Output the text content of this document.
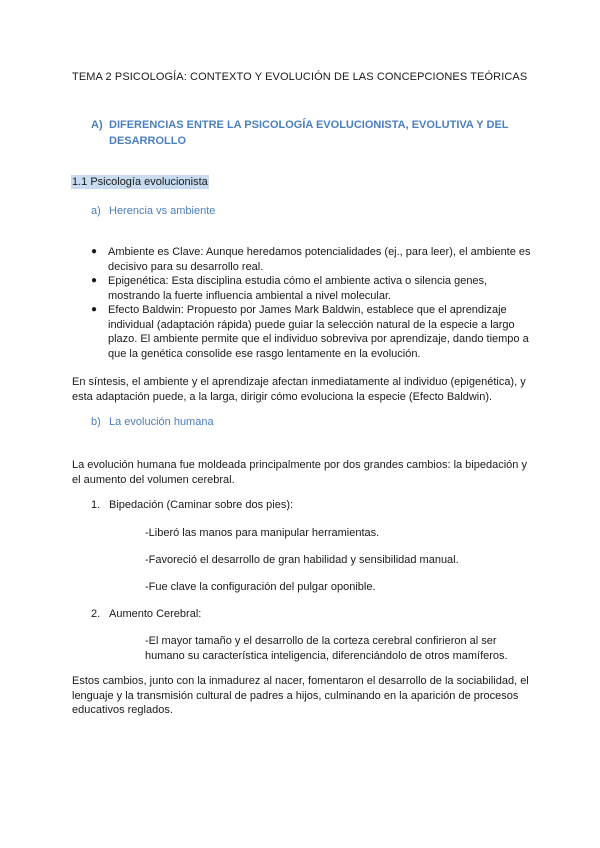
TEMA 2 PSICOLOGÍA: CONTEXTO Y EVOLUCIÓN DE LAS CONCEPCIONES TEÓRICAS

A) DIFERENCIAS ENTRE LA PSICOLOGÍA EVOLUCIONISTA, EVOLUTIVA Y DEL DESARROLLO

1.1 Psicología evolucionista

a) Herencia vs ambiente
● Ambiente es Clave: Aunque heredamos potencialidades (ej., para leer), el ambiente es decisivo para su desarrollo real.
● Epigenética: Esta disciplina estudia cómo el ambiente activa o silencia genes, mostrando la fuerte influencia ambiental a nivel molecular.
● Efecto Baldwin: Propuesto por James Mark Baldwin, establece que el aprendizaje individual (adaptación rápida) puede guiar la selección natural de la especie a largo plazo. El ambiente permite que el individuo sobreviva por aprendizaje, dando tiempo a que la genética consolide ese rasgo lentamente en la evolución.

En síntesis, el ambiente y el aprendizaje afectan inmediatamente al individuo (epigenética), y esta adaptación puede, a la larga, dirigir cómo evoluciona la especie (Efecto Baldwin).

b) La evolución humana

La evolución humana fue moldeada principalmente por dos grandes cambios: la bipedación y el aumento del volumen cerebral.

1. Bipedación (Caminar sobre dos pies):

-Liberó las manos para manipular herramientas.

-Favoreció el desarrollo de gran habilidad y sensibilidad manual.

-Fue clave la configuración del pulgar oponible.

2. Aumento Cerebral:

-El mayor tamaño y el desarrollo de la corteza cerebral confirieron al ser humano su característica inteligencia, diferenciándolo de otros mamíferos.

Estos cambios, junto con la inmadurez al nacer, fomentaron el desarrollo de la sociabilidad, el lenguaje y la transmisión cultural de padres a hijos, culminando en la aparición de procesos educativos reglados.
